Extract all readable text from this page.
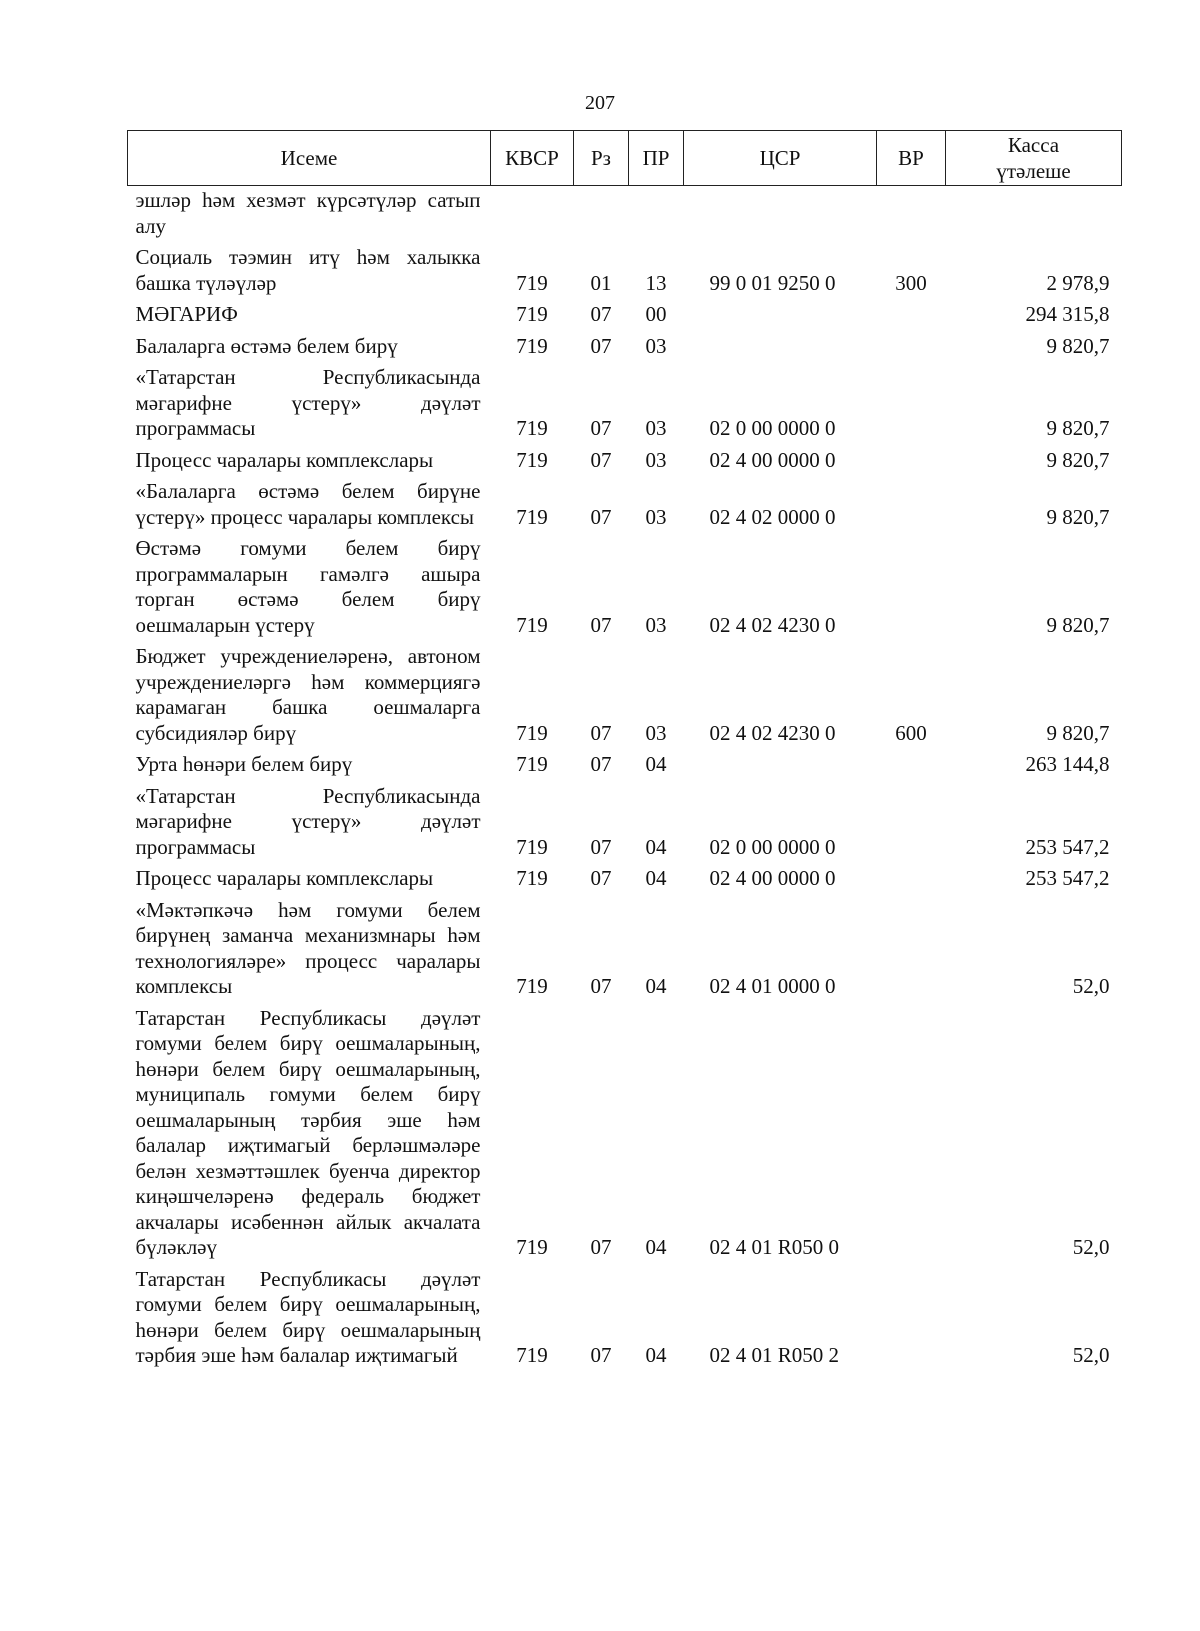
207
Исеме	КВСР	Рз	ПР	ЦСР	ВР	Касса
үтәлеше
эшләр һәм хезмәт күрсәтүләр сатып алу						
Социаль тәэмин итү һәм халыкка башка түләүләр	719	01	13	99 0 01 9250 0	300	2 978,9
МӘГАРИФ	719	07	00			294 315,8
Балаларга өстәмә белем бирү	719	07	03			9 820,7
«Татарстан Республикасында мәгарифне үстерү» дәүләт программасы	719	07	03	02 0 00 0000 0		9 820,7
Процесс чаралары комплекслары	719	07	03	02 4 00 0000 0		9 820,7
«Балаларга өстәмә белем бирүне үстерү» процесс чаралары комплексы	719	07	03	02 4 02 0000 0		9 820,7
Өстәмә гомуми белем бирү программаларын гамәлгә ашыра торган өстәмә белем бирү оешмаларын үстерү	719	07	03	02 4 02 4230 0		9 820,7
Бюджет учреждениеләренә, автоном учреждениеләргә һәм коммерциягә карамаган башка оешмаларга субсидияләр бирү	719	07	03	02 4 02 4230 0	600	9 820,7
Урта һөнәри белем бирү	719	07	04			263 144,8
«Татарстан Республикасында мәгарифне үстерү» дәүләт программасы	719	07	04	02 0 00 0000 0		253 547,2
Процесс чаралары комплекслары	719	07	04	02 4 00 0000 0		253 547,2
«Мәктәпкәчә һәм гомуми белем бирүнең заманча механизмнары һәм технологияләре» процесс чаралары комплексы	719	07	04	02 4 01 0000 0		52,0
Татарстан Республикасы дәүләт гомуми белем бирү оешмаларының, һөнәри белем бирү оешмаларының, муниципаль гомуми белем бирү оешмаларының тәрбия эше һәм балалар иҗтимагый берләшмәләре белән хезмәттәшлек буенча директор киңәшчеләренә федераль бюджет акчалары исәбеннән айлык акчалата бүләкләү	719	07	04	02 4 01 R050 0		52,0
Татарстан Республикасы дәүләт гомуми белем бирү оешмаларының, һөнәри белем бирү оешмаларының тәрбия эше һәм балалар иҗтимагый	719	07	04	02 4 01 R050 2		52,0
